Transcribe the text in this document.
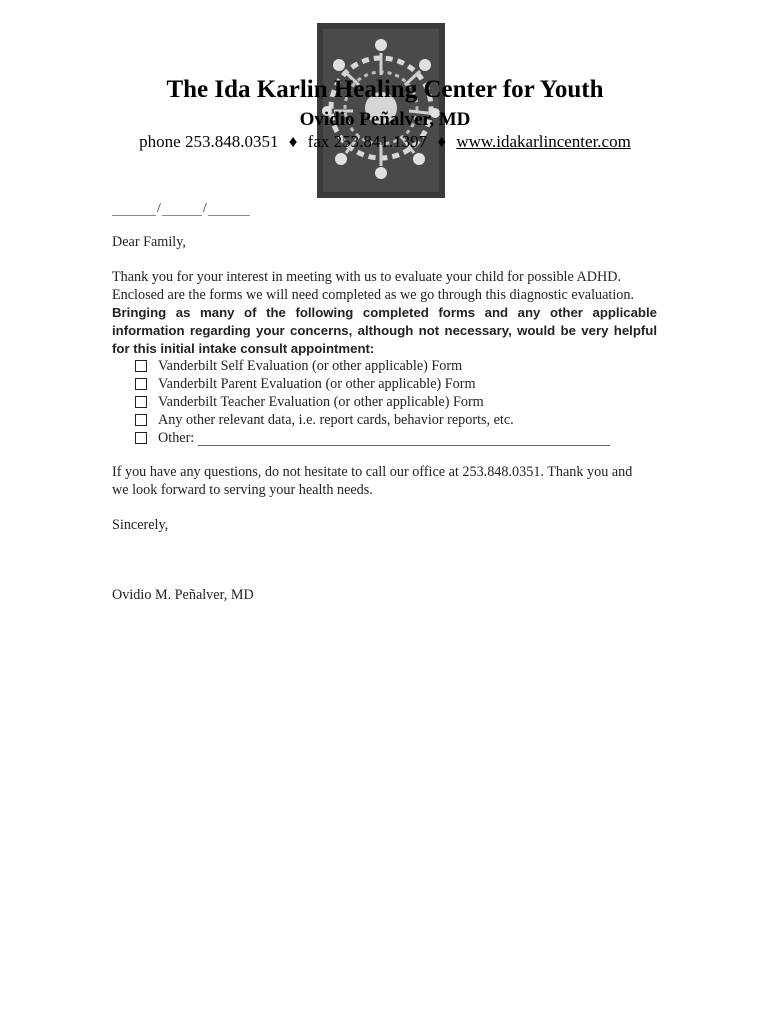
The Ida Karlin Healing Center for Youth
Ovidio Peñalver, MD
phone 253.848.0351 ♦ fax 253.841.1397 ♦ www.idakarlincenter.com
/	/
Dear Family,
Thank you for your interest in meeting with us to evaluate your child for possible ADHD.
Enclosed are the forms we will need completed as we go through this diagnostic evaluation.
Bringing as many of the following completed forms and any other applicable information regarding your concerns, although not necessary, would be very helpful for this initial intake consult appointment:
Vanderbilt Self Evaluation (or other applicable) Form
Vanderbilt Parent Evaluation (or other applicable) Form
Vanderbilt Teacher Evaluation (or other applicable) Form
Any other relevant data, i.e. report cards, behavior reports, etc.
Other:
If you have any questions, do not hesitate to call our office at 253.848.0351. Thank you and
we look forward to serving your health needs.
Sincerely,
Ovidio M. Peñalver, MD
